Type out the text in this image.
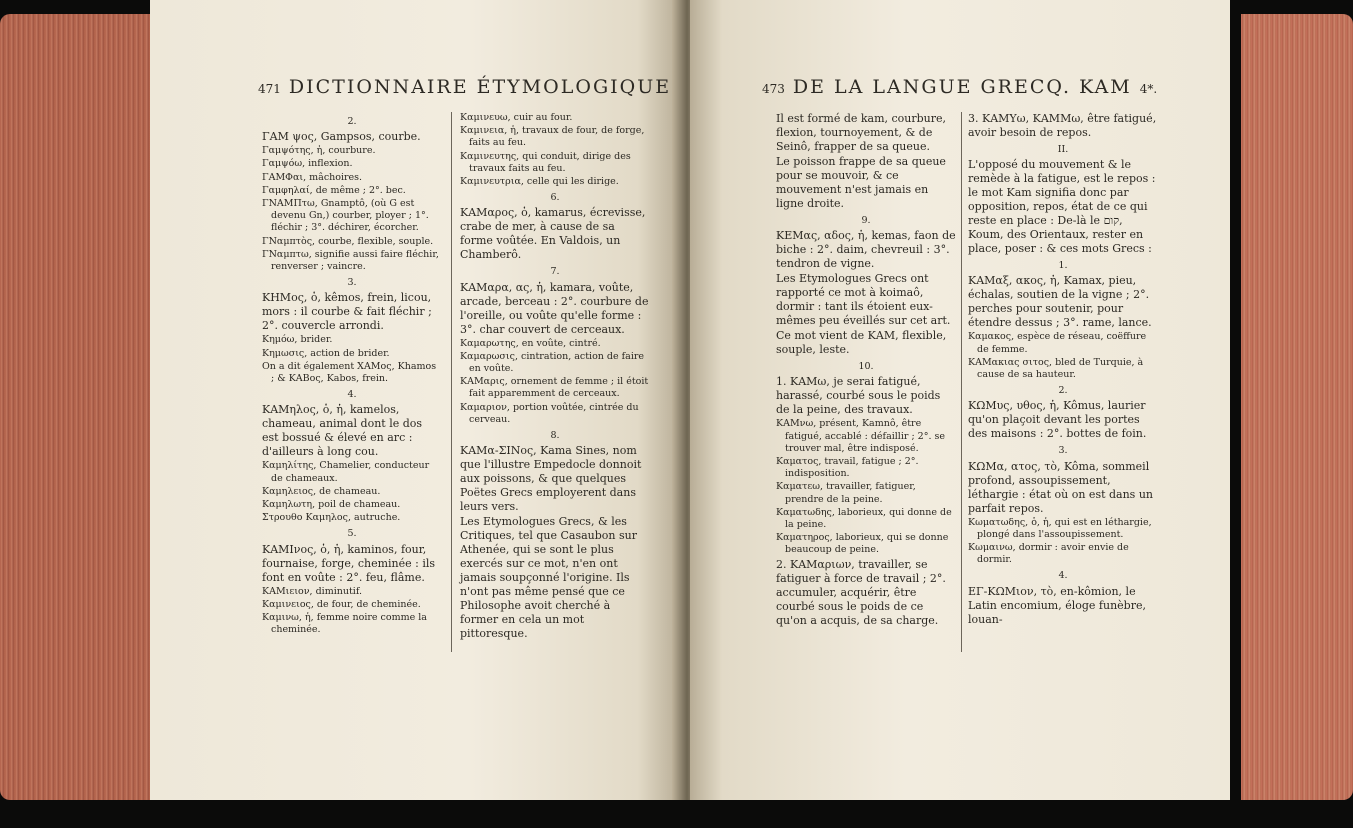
471 DICTIONNAIRE ÉTYMOLOGIQUE

2.

ΓΑΜ ψος, Gampsos, courbe.

Γαμψότης, ἡ, courbure.

Γαμψόω, inflexion.

ΓΑΜΦαι, mâchoires.

Γαμφηλαί, de même ; 2°. bec.

ΓΝΑΜΠτω, Gnamptô, (où G est devenu Gn,) courber, ployer ; 1°. fléchir ; 3°. déchirer, écorcher.

ΓΝαμπτὸς, courbe, flexible, souple.

ΓΝαμπτω, signifie aussi faire fléchir, renverser ; vaincre.

3.

ΚΗΜος, ὁ, kêmos, frein, licou, mors : il courbe & fait fléchir ; 2°. couvercle arrondi.

Κημόω, brider.

Κημωσις, action de brider.

On a dit également ΧΑΜος, Khamos ; & ΚΑΒος, Kabos, frein.

4.

ΚΑΜηλος, ὁ, ἡ, kamelos, chameau, animal dont le dos est bossué & élevé en arc : d'ailleurs à long cou.

Καμηλίτης, Chamelier, conducteur de chameaux.

Καμηλειος, de chameau.

Καμηλωτη, poil de chameau.

Στρουθο Καμηλος, autruche.

5.

ΚΑΜΙνος, ὁ, ἡ, kaminos, four, fournaise, forge, cheminée : ils font en voûte : 2°. feu, flâme.

ΚΑΜιειον, diminutif.

Καμινειος, de four, de cheminée.

Καμινω, ἡ, femme noire comme la cheminée.

Καμινευω, cuir au four.

Καμινεια, ἡ, travaux de four, de forge, faits au feu.

Καμινευτης, qui conduit, dirige des travaux faits au feu.

Καμινευτρια, celle qui les dirige.

6.

ΚΑΜαρος, ὁ, kamarus, écrevisse, crabe de mer, à cause de sa forme voûtée. En Valdois, un Chamberô.

7.

ΚΑΜαρα, ας, ἡ, kamara, voûte, arcade, berceau : 2°. courbure de l'oreille, ou voûte qu'elle forme : 3°. char couvert de cerceaux.

Καμαρωτης, en voûte, cintré.

Καμαρωσις, cintration, action de faire en voûte.

ΚΑΜαρις, ornement de femme ; il étoit fait apparemment de cerceaux.

Καμαριον, portion voûtée, cintrée du cerveau.

8.

ΚΑΜα-ΣΙΝος, Kama Sines, nom que l'illustre Empedocle donnoit aux poissons, & que quelques Poëtes Grecs employerent dans leurs vers.

Les Etymologues Grecs, & les Critiques, tel que Casaubon sur Athenée, qui se sont le plus exercés sur ce mot, n'en ont jamais soupçonné l'origine. Ils n'ont pas même pensé que ce Philosophe avoit cherché à former en cela un mot pittoresque.

473 DE LA LANGUE GRECQ. KAM 4*.

Il est formé de kam, courbure, flexion, tournoyement, & de Seinô, frapper de sa queue.

Le poisson frappe de sa queue pour se mouvoir, & ce mouvement n'est jamais en ligne droite.

9.

ΚΕΜας, αδος, ἡ, kemas, faon de biche : 2°. daim, chevreuil : 3°. tendron de vigne.

Les Etymologues Grecs ont rapporté ce mot à koimaô, dormir : tant ils étoient eux-mêmes peu éveillés sur cet art.

Ce mot vient de ΚΑΜ, flexible, souple, leste.

10.

1. ΚΑΜω, je serai fatigué, harassé, courbé sous le poids de la peine, des travaux.

ΚΑΜνω, présent, Kamnô, être fatigué, accablé : défaillir ; 2°. se trouver mal, être indisposé.

Καματος, travail, fatigue ; 2°. indisposition.

Καματεω, travailler, fatiguer, prendre de la peine.

Καματωδης, laborieux, qui donne de la peine.

Καματηρος, laborieux, qui se donne beaucoup de peine.

2. ΚΑΜαριων, travailler, se fatiguer à force de travail ; 2°. accumuler, acquérir, être courbé sous le poids de ce qu'on a acquis, de sa charge.

3. ΚΑΜΥω, ΚΑΜΜω, être fatigué, avoir besoin de repos.

II.

L'opposé du mouvement & le remède à la fatigue, est le repos : le mot Kam signifia donc par opposition, repos, état de ce qui reste en place : De-là le קום, Koum, des Orientaux, rester en place, poser : & ces mots Grecs :

1.

ΚΑΜαξ, ακος, ἡ, Kamax, pieu, échalas, soutien de la vigne ; 2°. perches pour soutenir, pour étendre dessus ; 3°. rame, lance.

Καμακος, espèce de réseau, coëffure de femme.

ΚΑΜακιας σιτος, bled de Turquie, à cause de sa hauteur.

2.

ΚΩΜυς, υθος, ἡ, Kômus, laurier qu'on plaçoit devant les portes des maisons : 2°. bottes de foin.

3.

ΚΩΜα, ατος, τὸ, Kôma, sommeil profond, assoupissement, léthargie : état où on est dans un parfait repos.

Κωματωδης, ὁ, ἡ, qui est en léthargie, plongé dans l'assoupissement.

Κωμαινω, dormir : avoir envie de dormir.

4.

ΕΓ-ΚΩΜιον, τὸ, en-kômion, le Latin encomium, éloge funèbre, louan-
